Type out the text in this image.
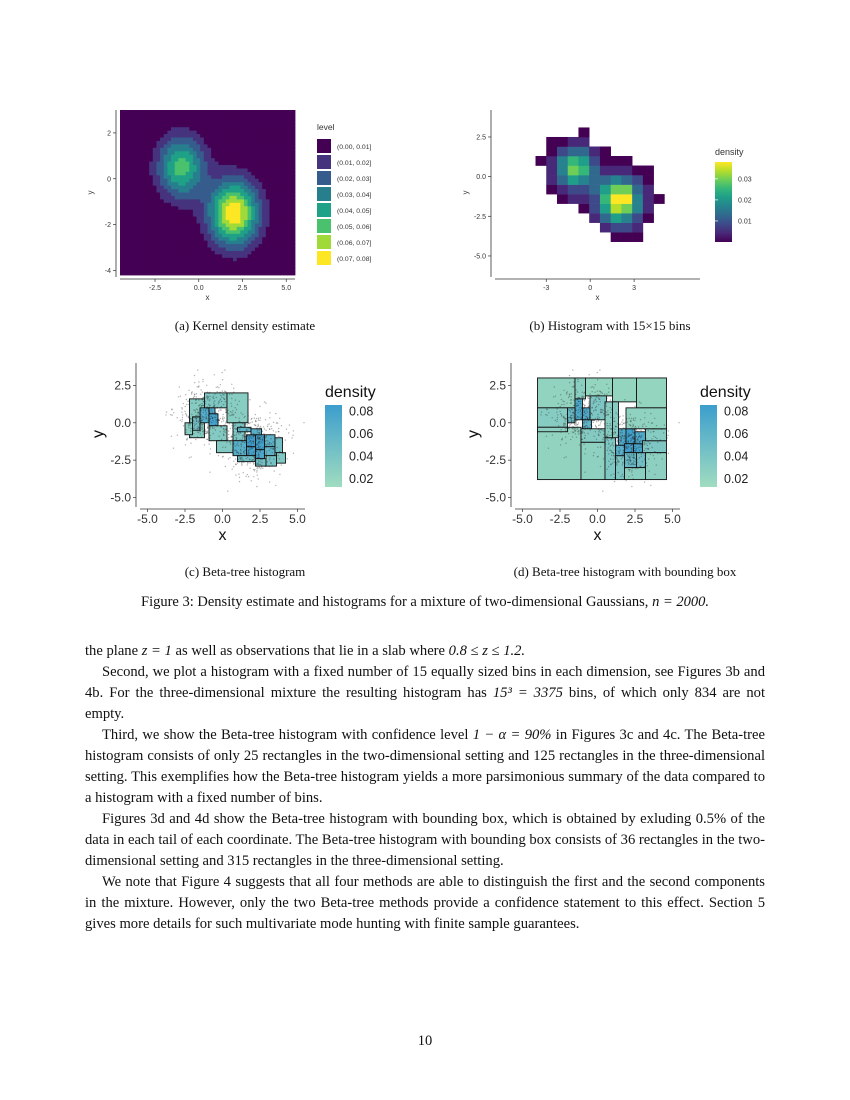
-2.5	0.0	2.5	5.0
2
0
-2
-4
x
y
level
(0.00, 0.01]
(0.01, 0.02]
(0.02, 0.03]
(0.03, 0.04]
(0.04, 0.05]
(0.05, 0.06]
(0.06, 0.07]
(0.07, 0.08]
(a) Kernel density estimate
-3	0	3
2.5
0.0
-2.5
-5.0
x
y
density
0.03
0.02
0.01
(b) Histogram with 15×15 bins
-5.0 -2.5 0.0 2.5 5.0
2.5
0.0
-2.5
-5.0
x
y
density
0.08
0.06
0.04
0.02
(c) Beta-tree histogram
-5.0 -2.5 0.0 2.5 5.0
2.5
0.0
-2.5
-5.0
x
y
density
0.08
0.06
0.04
0.02
(d) Beta-tree histogram with bounding box
Figure 3: Density estimate and histograms for a mixture of two-dimensional Gaussians, n = 2000.

the plane z = 1 as well as observations that lie in a slab where 0.8 ≤ z ≤ 1.2.

Second, we plot a histogram with a fixed number of 15 equally sized bins in each dimension, see Figures 3b and 4b. For the three-dimensional mixture the resulting histogram has 15³ = 3375 bins, of which only 834 are not empty.

Third, we show the Beta-tree histogram with confidence level 1 − α = 90% in Figures 3c and 4c. The Beta-tree histogram consists of only 25 rectangles in the two-dimensional setting and 125 rectangles in the three-dimensional setting. This exemplifies how the Beta-tree histogram yields a more parsimonious summary of the data compared to a histogram with a fixed number of bins.

Figures 3d and 4d show the Beta-tree histogram with bounding box, which is obtained by exluding 0.5% of the data in each tail of each coordinate. The Beta-tree histogram with bounding box consists of 36 rectangles in the two-dimensional setting and 315 rectangles in the three-dimensional setting.

We note that Figure 4 suggests that all four methods are able to distinguish the first and the second components in the mixture. However, only the two Beta-tree methods provide a confidence statement to this effect. Section 5 gives more details for such multivariate mode hunting with finite sample guarantees.

10
